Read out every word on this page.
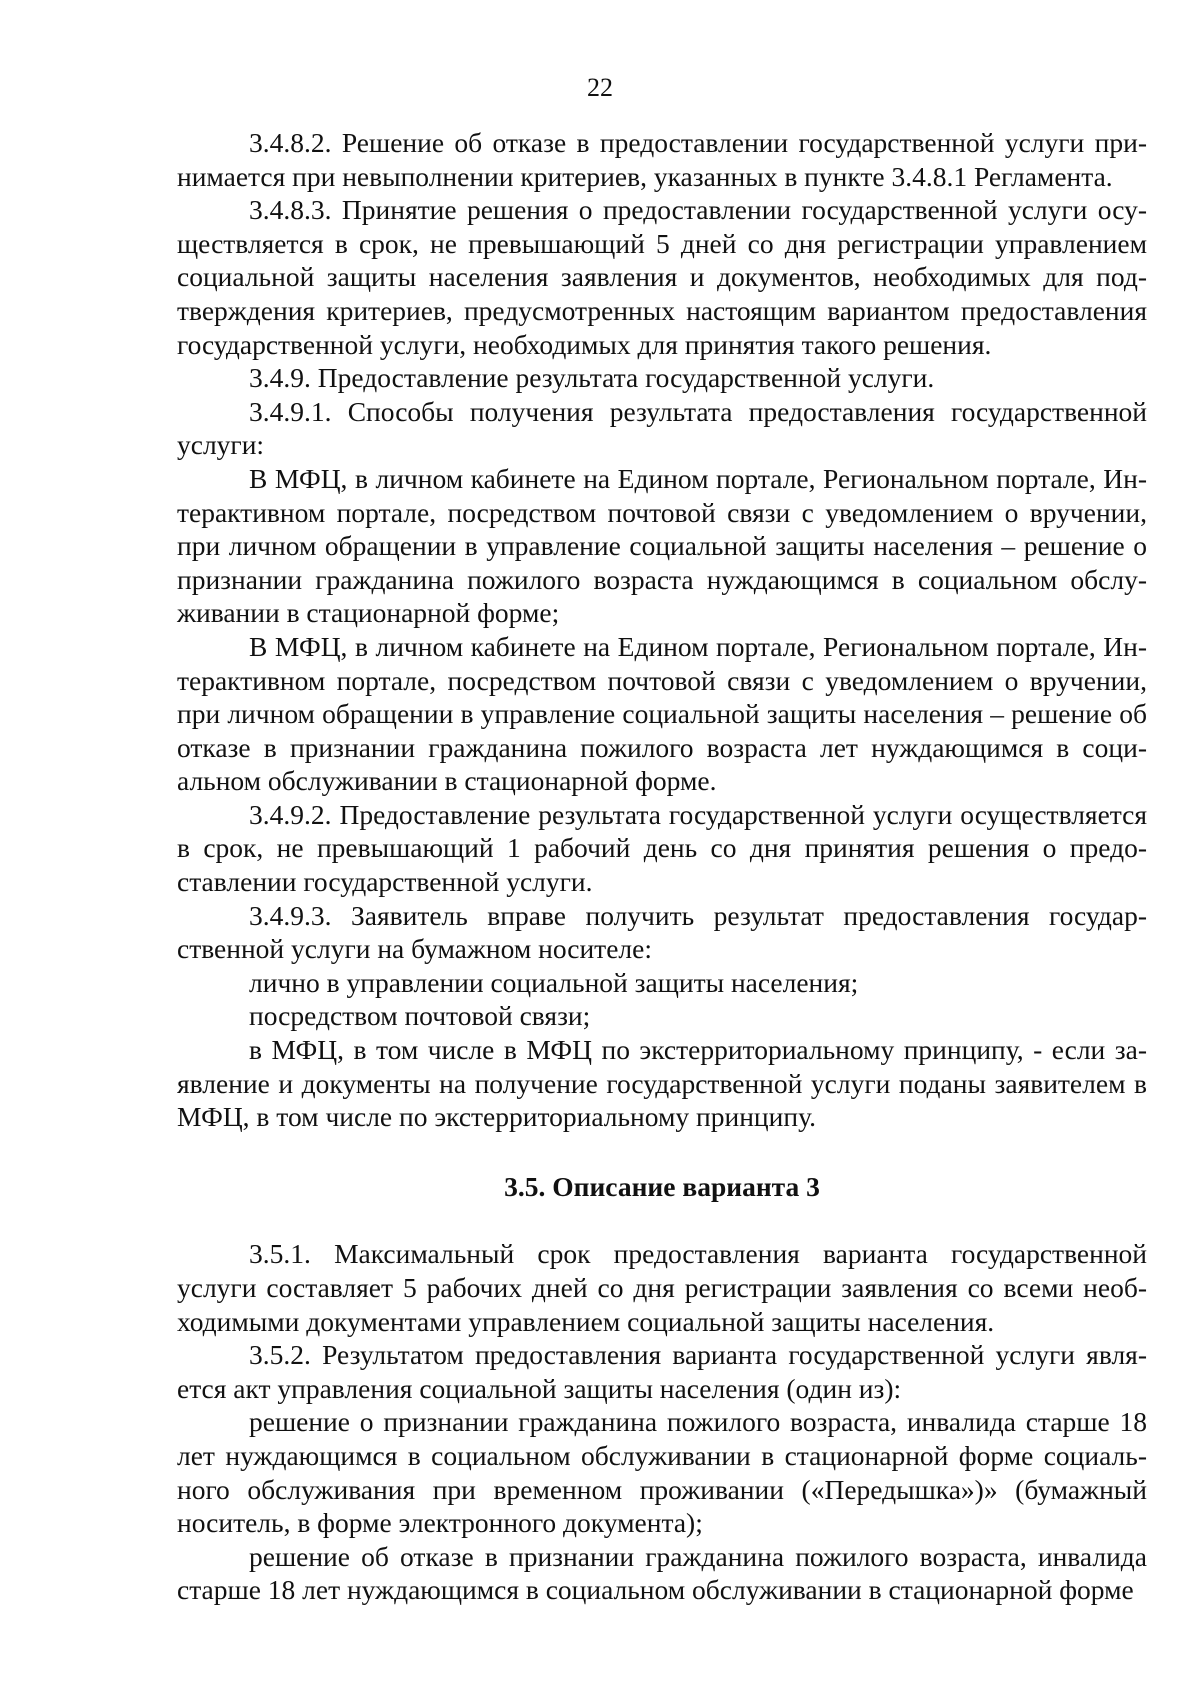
22

3.4.8.2. Решение об отказе в предоставлении государственной услуги принимается при невыполнении критериев, указанных в пункте 3.4.8.1 Регламента.

3.4.8.3. Принятие решения о предоставлении государственной услуги осуществляется в срок, не превышающий 5 дней со дня регистрации управлением социальной защиты населения заявления и документов, необходимых для подтверждения критериев, предусмотренных настоящим вариантом предоставления государственной услуги, необходимых для принятия такого решения.

3.4.9. Предоставление результата государственной услуги.

3.4.9.1. Способы получения результата предоставления государственной услуги:

В МФЦ, в личном кабинете на Едином портале, Региональном портале, Интерактивном портале, посредством почтовой связи с уведомлением о вручении, при личном обращении в управление социальной защиты населения – решение о признании гражданина пожилого возраста нуждающимся в социальном обслуживании в стационарной форме;

В МФЦ, в личном кабинете на Едином портале, Региональном портале, Интерактивном портале, посредством почтовой связи с уведомлением о вручении, при личном обращении в управление социальной защиты населения – решение об отказе в признании гражданина пожилого возраста лет нуждающимся в социальном обслуживании в стационарной форме.

3.4.9.2. Предоставление результата государственной услуги осуществляется в срок, не превышающий 1 рабочий день со дня принятия решения о предоставлении государственной услуги.

3.4.9.3. Заявитель вправе получить результат предоставления государственной услуги на бумажном носителе:

лично в управлении социальной защиты населения;

посредством почтовой связи;

в МФЦ, в том числе в МФЦ по экстерриториальному принципу, - если заявление и документы на получение государственной услуги поданы заявителем в МФЦ, в том числе по экстерриториальному принципу.

3.5. Описание варианта 3

3.5.1. Максимальный срок предоставления варианта государственной услуги составляет 5 рабочих дней со дня регистрации заявления со всеми необходимыми документами управлением социальной защиты населения.

3.5.2. Результатом предоставления варианта государственной услуги является акт управления социальной защиты населения (один из):

решение о признании гражданина пожилого возраста, инвалида старше 18 лет нуждающимся в социальном обслуживании в стационарной форме социального обслуживания при временном проживании («Передышка»)» (бумажный носитель, в форме электронного документа);

решение об отказе в признании гражданина пожилого возраста, инвалида старше 18 лет нуждающимся в социальном обслуживании в стационарной форме
